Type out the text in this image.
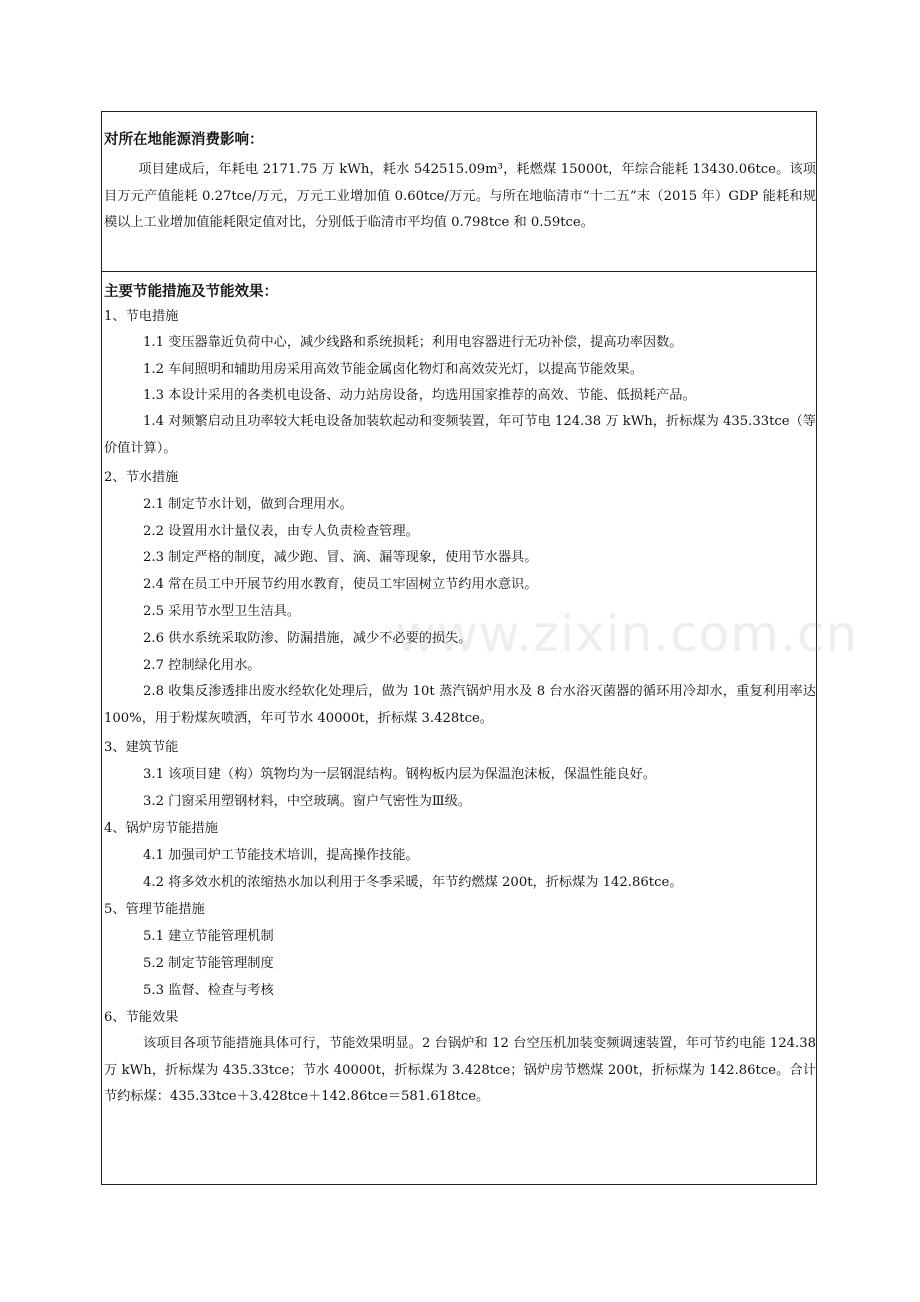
对所在地能源消费影响：
项目建成后，年耗电 2171.75 万 kWh，耗水 542515.09m³，耗燃煤 15000t，年综合能耗 13430.06tce。该项目万元产值能耗 0.27tce/万元，万元工业增加值 0.60tce/万元。与所在地临清市“十二五”末（2015 年）GDP 能耗和规模以上工业增加值能耗限定值对比，分别低于临清市平均值 0.798tce 和 0.59tce。
主要节能措施及节能效果：
1、节电措施
1.1 变压器靠近负荷中心，减少线路和系统损耗；利用电容器进行无功补偿，提高功率因数。
1.2 车间照明和辅助用房采用高效节能金属卤化物灯和高效荧光灯，以提高节能效果。
1.3 本设计采用的各类机电设备、动力站房设备，均选用国家推荐的高效、节能、低损耗产品。
1.4 对频繁启动且功率较大耗电设备加装软起动和变频装置，年可节电 124.38 万 kWh，折标煤为 435.33tce（等价值计算）。
2、节水措施
2.1 制定节水计划，做到合理用水。
2.2 设置用水计量仪表，由专人负责检查管理。
2.3 制定严格的制度，减少跑、冒、滴、漏等现象，使用节水器具。
2.4 常在员工中开展节约用水教育，使员工牢固树立节约用水意识。
2.5 采用节水型卫生洁具。
2.6 供水系统采取防渗、防漏措施，减少不必要的损失。
2.7 控制绿化用水。
2.8 收集反渗透排出废水经软化处理后，做为 10t 蒸汽锅炉用水及 8 台水浴灭菌器的循环用冷却水，重复利用率达 100%，用于粉煤灰喷洒，年可节水 40000t，折标煤 3.428tce。
3、建筑节能
3.1 该项目建（构）筑物均为一层钢混结构。钢构板内层为保温泡沫板，保温性能良好。
3.2 门窗采用塑钢材料，中空玻璃。窗户气密性为Ⅲ级。
4、锅炉房节能措施
4.1 加强司炉工节能技术培训，提高操作技能。
4.2 将多效水机的浓缩热水加以利用于冬季采暖，年节约燃煤 200t，折标煤为 142.86tce。
5、管理节能措施
5.1 建立节能管理机制
5.2 制定节能管理制度
5.3 监督、检查与考核
6、节能效果
该项目各项节能措施具体可行，节能效果明显。2 台锅炉和 12 台空压机加装变频调速装置，年可节约电能 124.38 万 kWh，折标煤为 435.33tce；节水 40000t，折标煤为 3.428tce；锅炉房节燃煤 200t，折标煤为 142.86tce。合计节约标煤：435.33tce＋3.428tce＋142.86tce＝581.618tce。
www.zixin.com.cn
